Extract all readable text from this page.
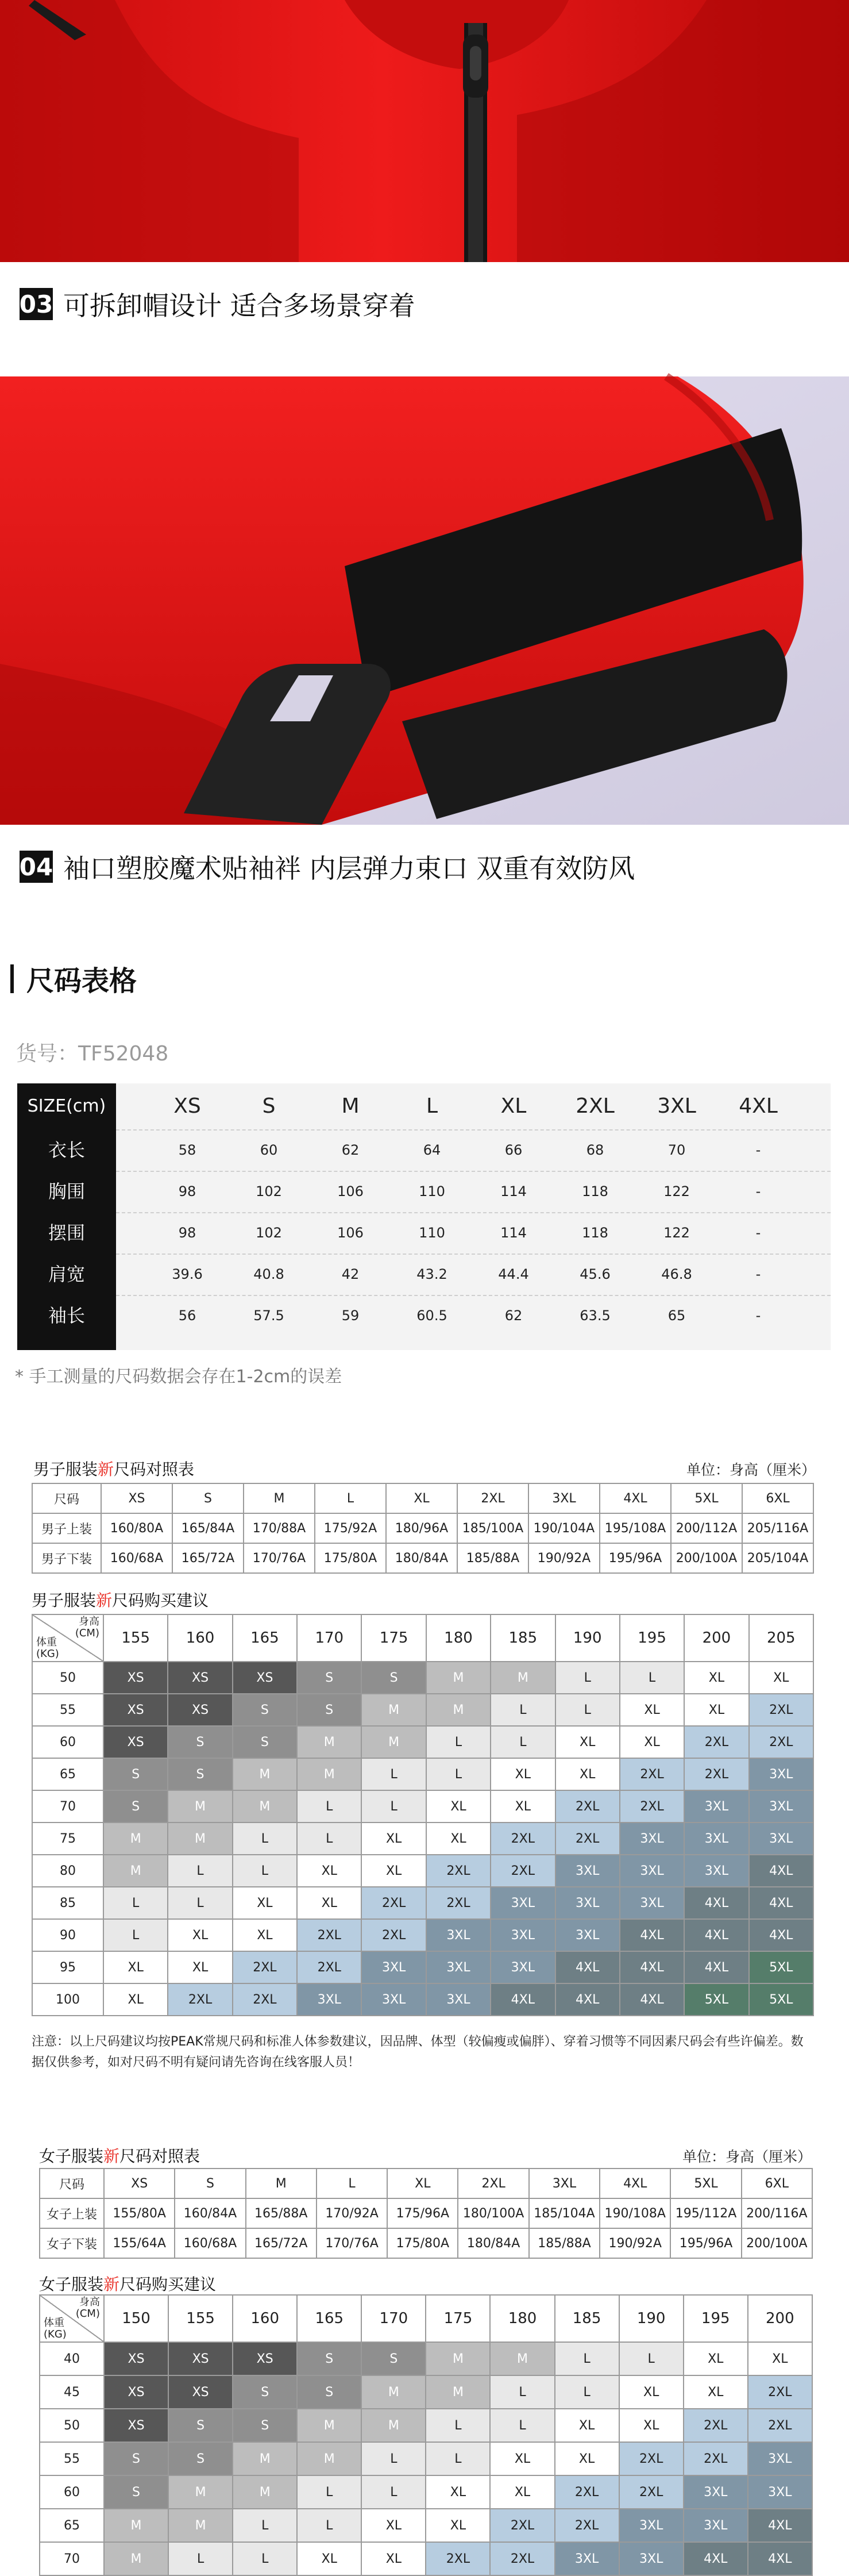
03 可拆卸帽设计 适合多场景穿着
04 袖口塑胶魔术贴袖袢 内层弹力束口 双重有效防风
尺码表格
货号：TF52048
SIZE(cm)	XS	S	M	L	XL	2XL	3XL	4XL
衣长	58	60	62	64	66	68	70	-
胸围	98	102	106	110	114	118	122	-
摆围	98	102	106	110	114	118	122	-
肩宽	39.6	40.8	42	43.2	44.4	45.6	46.8	-
袖长	56	57.5	59	60.5	62	63.5	65	-
* 手工测量的尺码数据会存在1-2cm的误差
男子服装新尺码对照表	单位：身高（厘米）
尺码	XS	S	M	L	XL	2XL	3XL	4XL	5XL	6XL
男子上装	160/80A	165/84A	170/88A	175/92A	180/96A	185/100A	190/104A	195/108A	200/112A	205/116A
男子下装	160/68A	165/72A	170/76A	175/80A	180/84A	185/88A	190/92A	195/96A	200/100A	205/104A
男子服装新尺码购买建议
身高
(CM)
体重
(KG)	155	160	165	170	175	180	185	190	195	200	205
50	XS	XS	XS	S	S	M	M	L	L	XL	XL
55	XS	XS	S	S	M	M	L	L	XL	XL	2XL
60	XS	S	S	M	M	L	L	XL	XL	2XL	2XL
65	S	S	M	M	L	L	XL	XL	2XL	2XL	3XL
70	S	M	M	L	L	XL	XL	2XL	2XL	3XL	3XL
75	M	M	L	L	XL	XL	2XL	2XL	3XL	3XL	3XL
80	M	L	L	XL	XL	2XL	2XL	3XL	3XL	3XL	4XL
85	L	L	XL	XL	2XL	2XL	3XL	3XL	3XL	4XL	4XL
90	L	XL	XL	2XL	2XL	3XL	3XL	3XL	4XL	4XL	4XL
95	XL	XL	2XL	2XL	3XL	3XL	3XL	4XL	4XL	4XL	5XL
100	XL	2XL	2XL	3XL	3XL	3XL	4XL	4XL	4XL	5XL	5XL
注意：以上尺码建议均按PEAK常规尺码和标准人体参数建议，因品牌、体型（较偏瘦或偏胖）、穿着习惯等不同因素尺码会有些许偏差。数据仅供参考，如对尺码不明有疑问请先咨询在线客服人员！
女子服装新尺码对照表	单位：身高（厘米）
尺码	XS	S	M	L	XL	2XL	3XL	4XL	5XL	6XL
女子上装	155/80A	160/84A	165/88A	170/92A	175/96A	180/100A	185/104A	190/108A	195/112A	200/116A
女子下装	155/64A	160/68A	165/72A	170/76A	175/80A	180/84A	185/88A	190/92A	195/96A	200/100A
女子服装新尺码购买建议
身高
(CM)
体重
(KG)	150	155	160	165	170	175	180	185	190	195	200
40	XS	XS	XS	S	S	M	M	L	L	XL	XL
45	XS	XS	S	S	M	M	L	L	XL	XL	2XL
50	XS	S	S	M	M	L	L	XL	XL	2XL	2XL
55	S	S	M	M	L	L	XL	XL	2XL	2XL	3XL
60	S	M	M	L	L	XL	XL	2XL	2XL	3XL	3XL
65	M	M	L	L	XL	XL	2XL	2XL	3XL	3XL	4XL
70	M	L	L	XL	XL	2XL	2XL	3XL	3XL	4XL	4XL
